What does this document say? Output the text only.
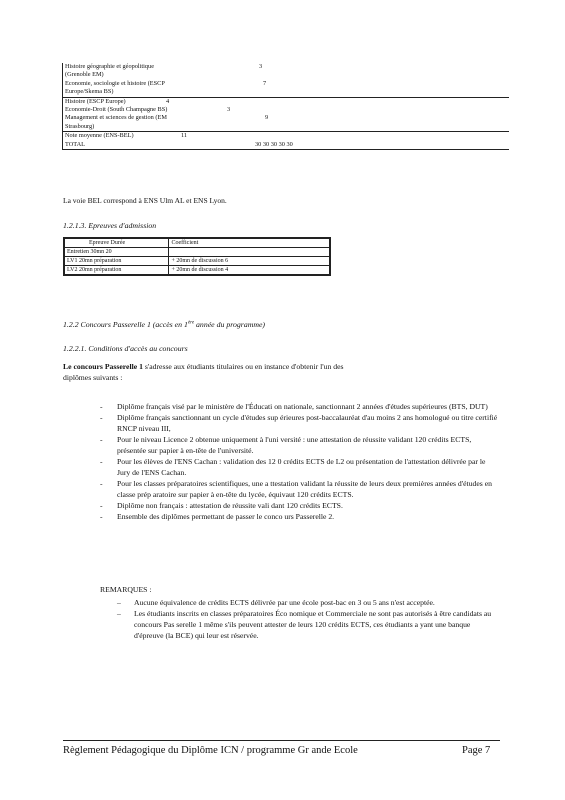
Histoire géographie et géopolitique	3
(Grenoble EM)
Economie, sociologie et histoire (ESCP	7
Europe/Skema BS)
Histoire (ESCP Europe)	4
Economie-Droit (South Champagne BS)	3
Management et sciences de gestion (EM	9
Strasbourg)
Note moyenne (ENS-BEL)	11
TOTAL	30 30 30 30 30
La voie BEL correspond à ENS Ulm AL et ENS Lyon.
1.2.1.3. Epreuves d'admission
Epreuve Durée	Coefficient
Entretien 30mn 20	
LV1 20mn préparation	+ 20mn de discussion 6
LV2 20mn préparation	+ 20mn de discussion 4
1.2.2 Concours Passerelle 1 (accès en 1ère année du programme)
1.2.2.1. Conditions d'accès au concours
Le concours Passerelle 1 s'adresse aux étudiants titulaires ou en instance d'obtenir l'un des
diplômes suivants :
- Diplôme français visé par le ministère de l'Éducati on nationale, sanctionnant 2 années d'études supérieures (BTS, DUT)
- Diplôme français sanctionnant un cycle d'études sup érieures post-baccalauréat d'au moins 2 ans homologué ou titre certifié RNCP niveau III,
- Pour le niveau Licence 2 obtenue uniquement à l'uni versité : une attestation de réussite validant 120 crédits ECTS, présentée sur papier à en-tête de l'université.
- Pour les élèves de l'ENS Cachan : validation des 12 0 crédits ECTS de L2 ou présentation de l'attestation délivrée par le Jury de l'ENS Cachan.
- Pour les classes préparatoires scientifiques, une a ttestation validant la réussite de leurs deux premières années d'études en classe prép aratoire sur papier à en-tête du lycée, équivaut 120 crédits ECTS.
- Diplôme non français : attestation de réussite vali dant 120 crédits ECTS.
- Ensemble des diplômes permettant de passer le conco urs Passerelle 2.
REMARQUES :
– Aucune équivalence de crédits ECTS délivrée par une école post-bac en 3 ou 5 ans n'est acceptée.
– Les étudiants inscrits en classes préparatoires Éco nomique et Commerciale ne sont pas autorisés à être candidats au concours Pas serelle 1 même s'ils peuvent attester de leurs 120 crédits ECTS, ces étudiants a yant une banque d'épreuve (la BCE) qui leur est réservée.
Règlement Pédagogique du Diplôme ICN / programme Gr ande Ecole	Page 7
